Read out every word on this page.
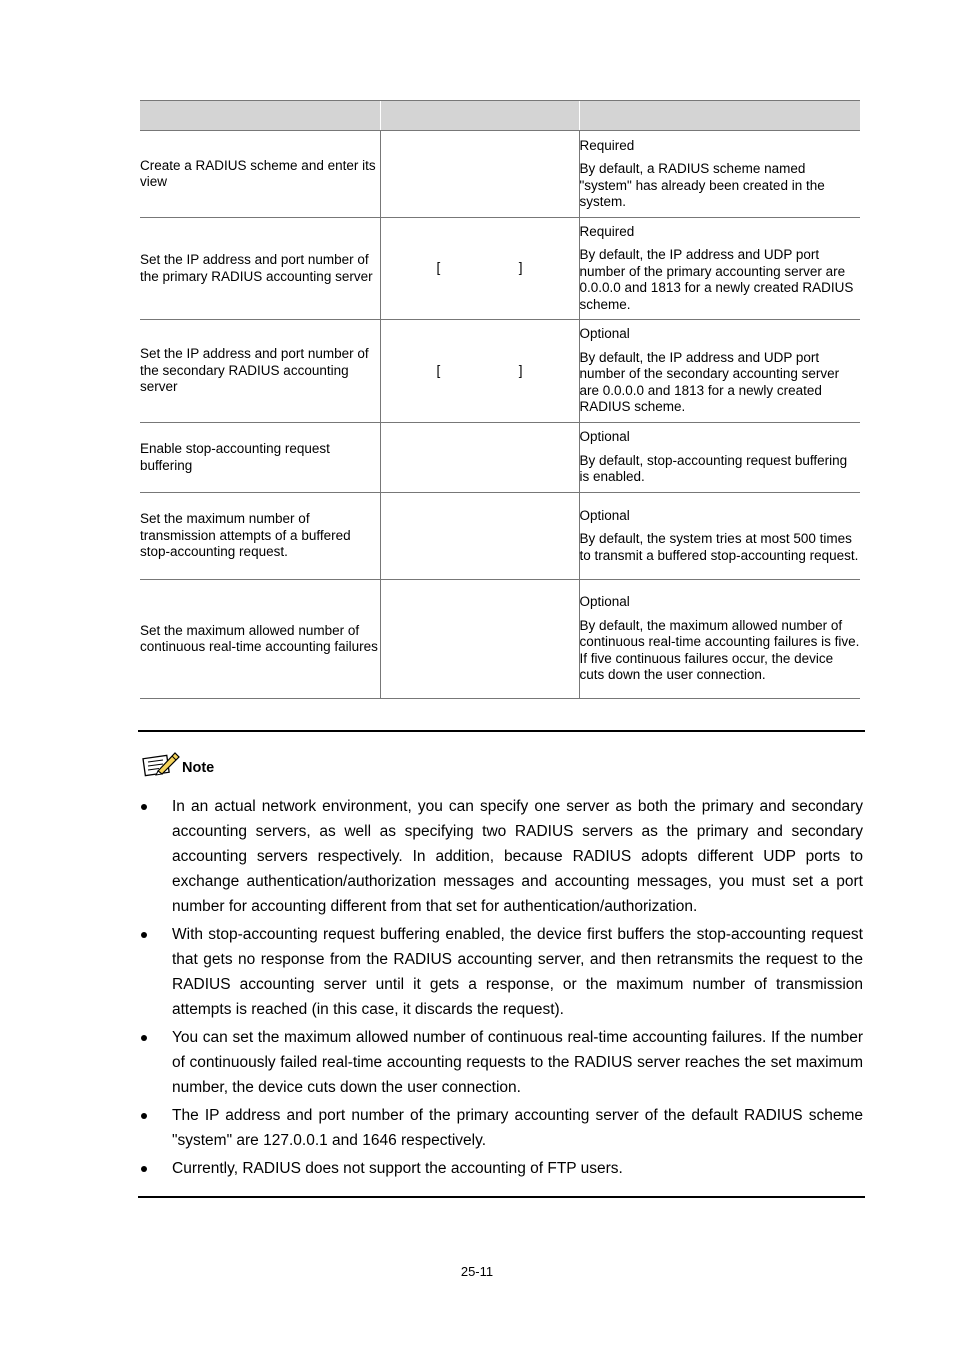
Create a RADIUS scheme and enter its view		Required
By default, a RADIUS scheme named "system" has already been created in the system.

Set the IP address and port number of the primary RADIUS accounting server	[ ]	Required
By default, the IP address and UDP port number of the primary accounting server are 0.0.0.0 and 1813 for a newly created RADIUS scheme.

Set the IP address and port number of the secondary RADIUS accounting server	[ ]	Optional
By default, the IP address and UDP port number of the secondary accounting server are 0.0.0.0 and 1813 for a newly created RADIUS scheme.

Enable stop-accounting request buffering		Optional
By default, stop-accounting request buffering is enabled.

Set the maximum number of transmission attempts of a buffered stop-accounting request.		Optional
By default, the system tries at most 500 times to transmit a buffered stop-accounting request.

Set the maximum allowed number of continuous real-time accounting failures		Optional
By default, the maximum allowed number of continuous real-time accounting failures is five. If five continuous failures occur, the device cuts down the user connection.
Note
In an actual network environment, you can specify one server as both the primary and secondary accounting servers, as well as specifying two RADIUS servers as the primary and secondary accounting servers respectively. In addition, because RADIUS adopts different UDP ports to exchange authentication/authorization messages and accounting messages, you must set a port number for accounting different from that set for authentication/authorization.
With stop-accounting request buffering enabled, the device first buffers the stop-accounting request that gets no response from the RADIUS accounting server, and then retransmits the request to the RADIUS accounting server until it gets a response, or the maximum number of transmission attempts is reached (in this case, it discards the request).
You can set the maximum allowed number of continuous real-time accounting failures. If the number of continuously failed real-time accounting requests to the RADIUS server reaches the set maximum number, the device cuts down the user connection.
The IP address and port number of the primary accounting server of the default RADIUS scheme "system" are 127.0.0.1 and 1646 respectively.
Currently, RADIUS does not support the accounting of FTP users.
25-11
